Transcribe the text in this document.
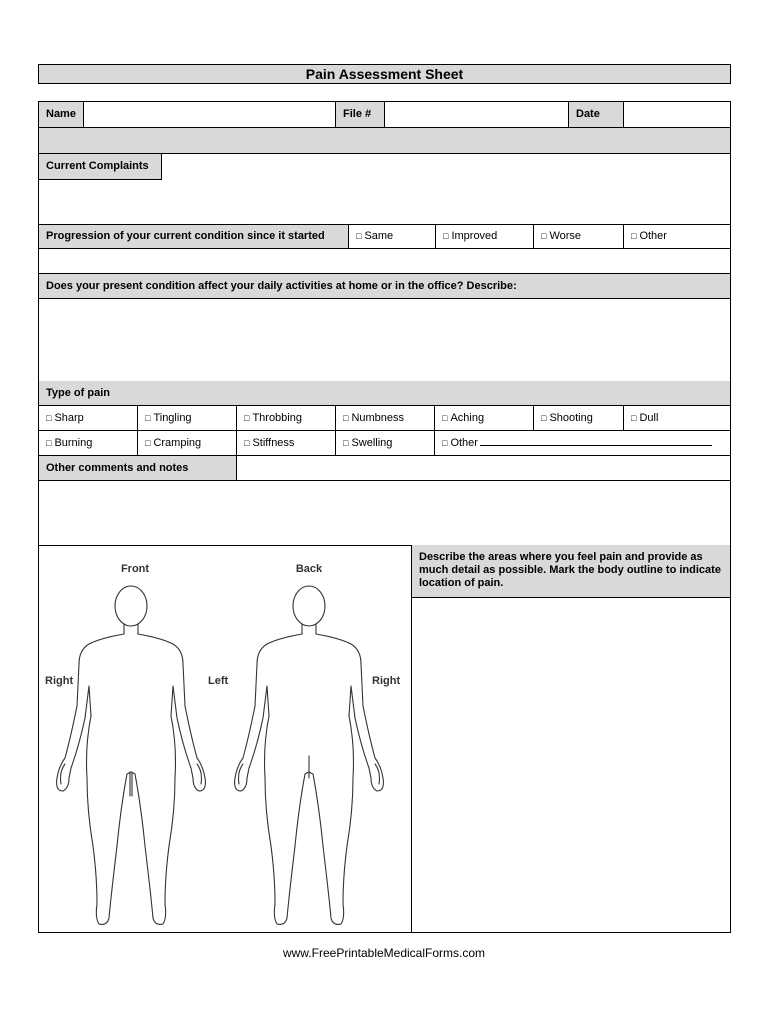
Pain Assessment Sheet
Name	File #	Date
Current Complaints
Progression of your current condition since it started	□ Same	□ Improved	□ Worse	□ Other
Does your present condition affect your daily activities at home or in the office? Describe:
Type of pain
□ Sharp	□ Tingling	□ Throbbing	□ Numbness	□ Aching	□ Shooting	□ Dull
□ Burning	□ Cramping	□ Stiffness	□ Swelling	□ Other
Other comments and notes
Describe the areas where you feel pain and provide as much detail as possible. Mark the body outline to indicate location of pain.
Front	Back
Right	Left	Right
www.FreePrintableMedicalForms.com
